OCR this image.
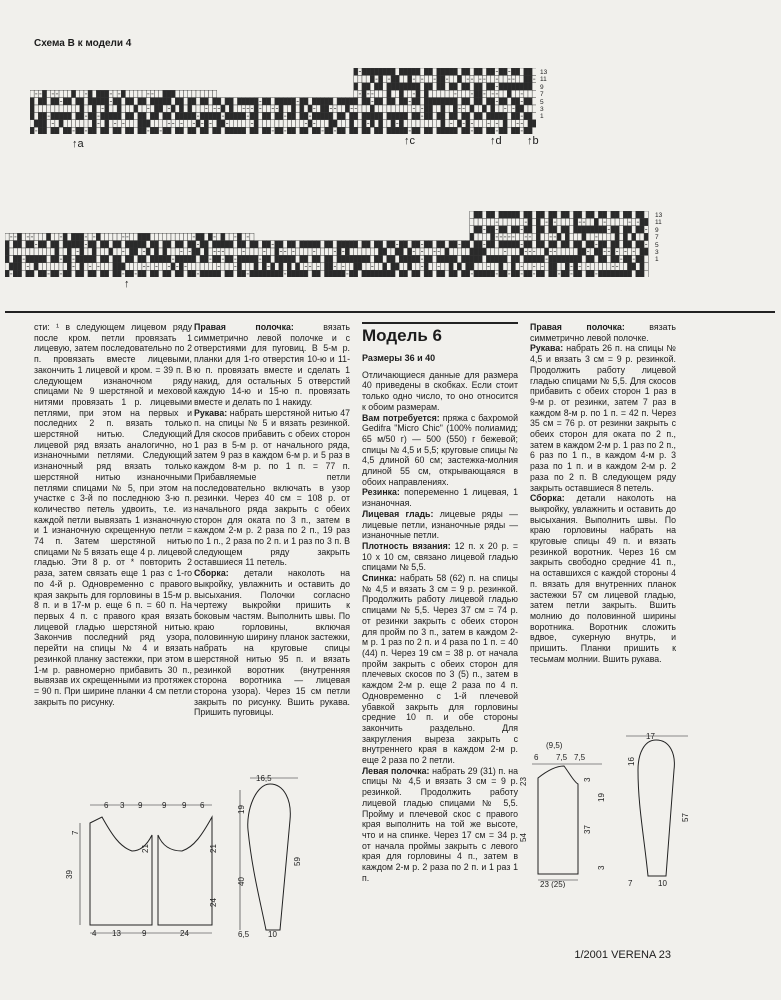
Схема В к модели 4
13
11
9
7
5
3
1
↑a	↑c	↑d ↑b
13
11
9
7
5
3
1
↑

сти: ¹ в следующем лицевом ряду после кром. петли провязать 1 лицевую, затем последовательно по 2 п. провязать вместе лицевыми, закончить 1 лицевой и кром. = 39 п. В следующем изнаночном ряду спицами № 9 шерстяной и меховой нитями провязать 1 р. лицевыми петлями, при этом на первых и последних 2 п. вязать только шерстяной нитью. Следующий лицевой ряд вязать аналогично, но изнаночными петлями. Следующий изнаночный ряд вязать только шерстяной нитью изнаночными петлями спицами № 5, при этом на участке с 3-й по последнюю 3-ю п. количество петель удвоить, т.е. из каждой петли вывязать 1 изнаночную и 1 изнаночную скрещенную петли = 74 п. Затем шерстяной нитью спицами № 5 вязать еще 4 р. лицевой гладью. Эти 8 р. от * повторить 2 раза, затем связать еще 1 раз с 1-го по 4-й р. Одновременно с правого края закрыть для горловины в 15-м р. 8 п. и в 17-м р. еще 6 п. = 60 п. На первых 4 п. с правого края вязать лицевой гладью шерстяной нитью. Закончив последний ряд узора, перейти на спицы № 4 и вязать резинкой планку застежки, при этом в 1-м р. равномерно прибавить 30 п., вывязав их скрещенными из протяжек = 90 п. При ширине планки 4 см петли закрыть по рисунку.

Правая полочка: вязать симметрично левой полочке и с отверстиями для пуговиц. В 5-м р. планки для 1-го отверстия 10-ю и 11-ю п. провязать вместе и сделать 1 накид, для остальных 5 отверстий каждую 14-ю и 15-ю п. провязать вместе и делать по 1 накиду.

Рукава: набрать шерстяной нитью 47 п. на спицы № 5 и вязать резинкой. Для скосов прибавить с обеих сторон 1 раз в 5-м р. от начального ряда, затем 9 раз в каждом 6-м р. и 5 раз в каждом 8-м р. по 1 п. = 77 п. Прибавляемые петли последовательно включать в узор резинки. Через 40 см = 108 р. от начального ряда закрыть с обеих сторон для оката по 3 п., затем в каждом 2-м р. 2 раза по 2 п., 19 раз по 1 п., 2 раза по 2 п. и 1 раз по 3 п. В следующем ряду закрыть оставшиеся 11 петель.

Сборка: детали наколоть на выкройку, увлажнить и оставить до высыхания. Полочки согласно чертежу выкройки пришить к боковым частям. Выполнить швы. По краю горловины, включая половинную ширину планок застежки, набрать на круговые спицы шерстяной нитью 95 п. и вязать резинкой воротник (внутренняя сторона воротника — лицевая сторона узора). Через 15 см петли закрыть по рисунку. Вшить рукава. Пришить пуговицы.

Модель 6
Размеры 36 и 40

Отличающиеся данные для размера 40 приведены в скобках. Если стоит только одно число, то оно относится к обоим размерам.

Вам потребуется: пряжа с бахромой Gedifra "Micro Chic" (100% полиамид; 65 м/50 г) — 500 (550) г бежевой; спицы № 4,5 и 5,5; круговые спицы № 4,5 длиной 60 см; застежка-молния длиной 55 см, открывающаяся в обоих направлениях.

Резинка: попеременно 1 лицевая, 1 изнаночная.

Лицевая гладь: лицевые ряды — лицевые петли, изнаночные ряды — изнаночные петли.

Плотность вязания: 12 п. х 20 р. = 10 х 10 см, связано лицевой гладью спицами № 5,5.

Спинка: набрать 58 (62) п. на спицы № 4,5 и вязать 3 см = 9 р. резинкой. Продолжить работу лицевой гладью спицами № 5,5. Через 37 см = 74 р. от резинки закрыть с обеих сторон для пройм по 3 п., затем в каждом 2-м р. 1 раз по 2 п. и 4 раза по 1 п. = 40 (44) п. Через 19 см = 38 р. от начала пройм закрыть с обеих сторон для плечевых скосов по 3 (5) п., затем в каждом 2-м р. еще 2 раза по 4 п. Одновременно с 1-й плечевой убавкой закрыть для горловины средние 10 п. и обе стороны закончить раздельно. Для закругления выреза закрыть с внутреннего края в каждом 2-м р. еще 2 раза по 2 петли.

Левая полочка: набрать 29 (31) п. на спицы № 4,5 и вязать 3 см = 9 р. резинкой. Продолжить работу лицевой гладью спицами № 5,5. Пройму и плечевой скос с правого края выполнить на той же высоте, что и на спинке. Через 17 см = 34 р. от начала проймы закрыть с левого края для горловины 4 п., затем в каждом 2-м р. 2 раза по 2 п. и 1 раз 1 п.

Правая полочка: вязать симметрично левой полочке.

Рукава: набрать 26 п. на спицы № 4,5 и вязать 3 см = 9 р. резинкой. Продолжить работу лицевой гладью спицами № 5,5. Для скосов прибавить с обеих сторон 1 раз в 9-м р. от резинки, затем 7 раз в каждом 8-м р. по 1 п. = 42 п. Через 35 см = 76 р. от резинки закрыть с обеих сторон для оката по 2 п., затем в каждом 2-м р. 1 раз по 2 п., 6 раз по 1 п., в каждом 4-м р. 3 раза по 1 п. и в каждом 2-м р. 2 раза по 2 п. В следующем ряду закрыть оставшиеся 8 петель.

Сборка: детали наколоть на выкройку, увлажнить и оставить до высыхания. Выполнить швы. По краю горловины набрать на круговые спицы 49 п. и вязать резинкой воротник. Через 16 см закрыть свободно средние 41 п., на оставшихся с каждой стороны 4 п. вязать для внутренних планок застежки 57 см лицевой гладью, затем петли закрыть. Вшить молнию до половинной ширины воротника. Воротник сложить вдвое, сукерную внутрь, и пришить. Планки пришить к тесьмам молнии. Вшить рукава.

6 3 9 9 9 6
39
7
21	21
24
4 13	9	24
16,5
19
40
59
6,5 10
(9,5)
6 7,5 7,5
23
54
3
37
19
3
23 (25)
17
16
57
7	10
1/2001 VERENA 23
